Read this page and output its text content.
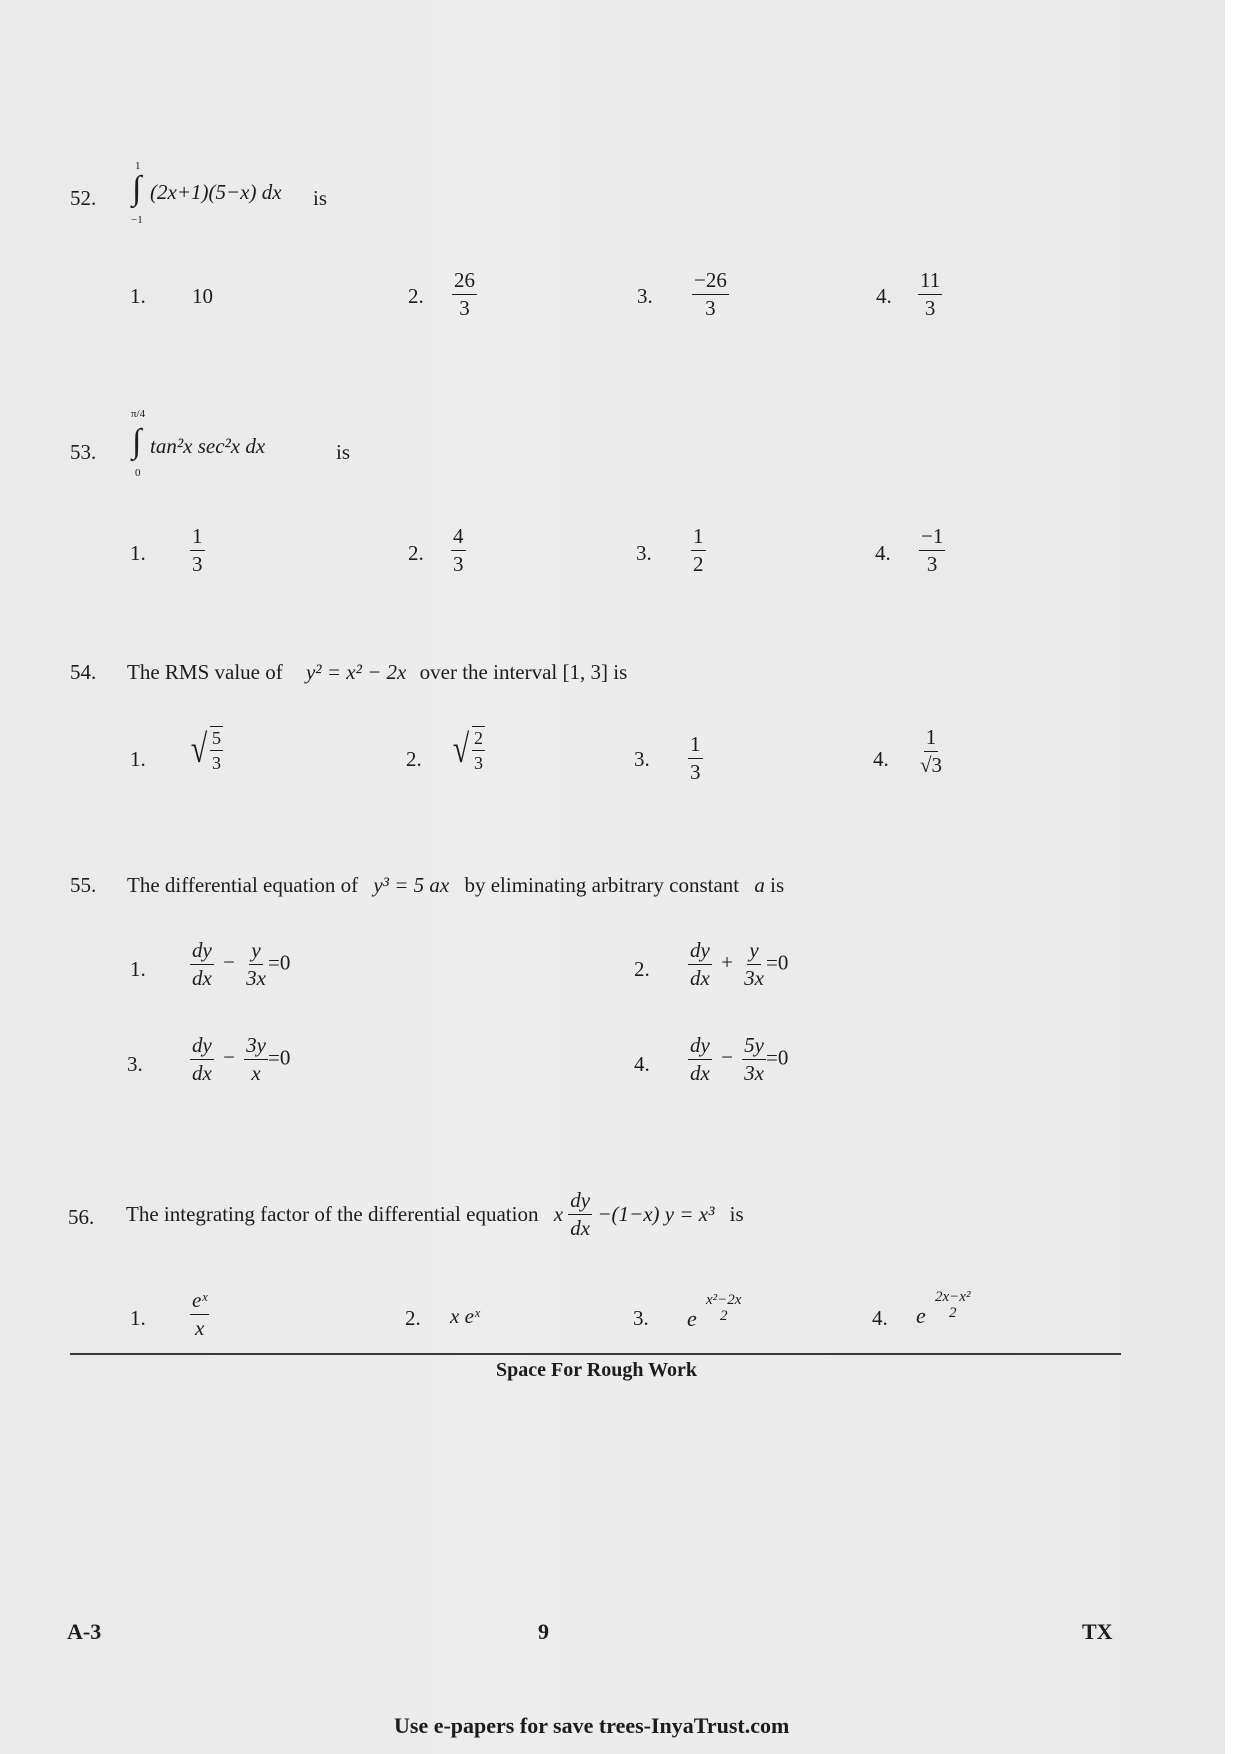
52.
1
∫
−1
(2x+1)(5−x) dx is
1. 10	2. $\frac{26}{3}$	3. $\frac{-26}{3}$	4. $\frac{11}{3}$
53.
π/4
∫
0
tan²x sec²x dx	is
1. $\frac{1}{3}$	2. $\frac{4}{3}$	3. $\frac{1}{2}$	4. $\frac{-1}{3}$
54. The RMS value of y² = x² − 2x over the interval [1, 3] is
1. √ $\frac{5}{3}$	2. √ $\frac{2}{3}$	3. $\frac{1}{3}$	4. $\frac{1}{√3}$
55. The differential equation of y³ = 5 ax by eliminating arbitrary constant a is
1. $\frac{dy}{dx} - \frac{y}{3x} =0$	2. $\frac{dy}{dx} + \frac{y}{3x} =0$
3. $\frac{dy}{dx} - \frac{3y}{x} =0$	4. $\frac{dy}{dx} - \frac{5y}{3x} =0$
56. The integrating factor of the differential equation x $\frac{dy}{dx} -(1-x) y = x^3$ is
1. $\frac{\text{eˣ}}{x}$	2. x eˣ	3. e
x²−2x
2	4. e
2x−x²
2
Space For Rough Work
A-3	9	TX
Use e-papers for save trees-InyaTrust.com
